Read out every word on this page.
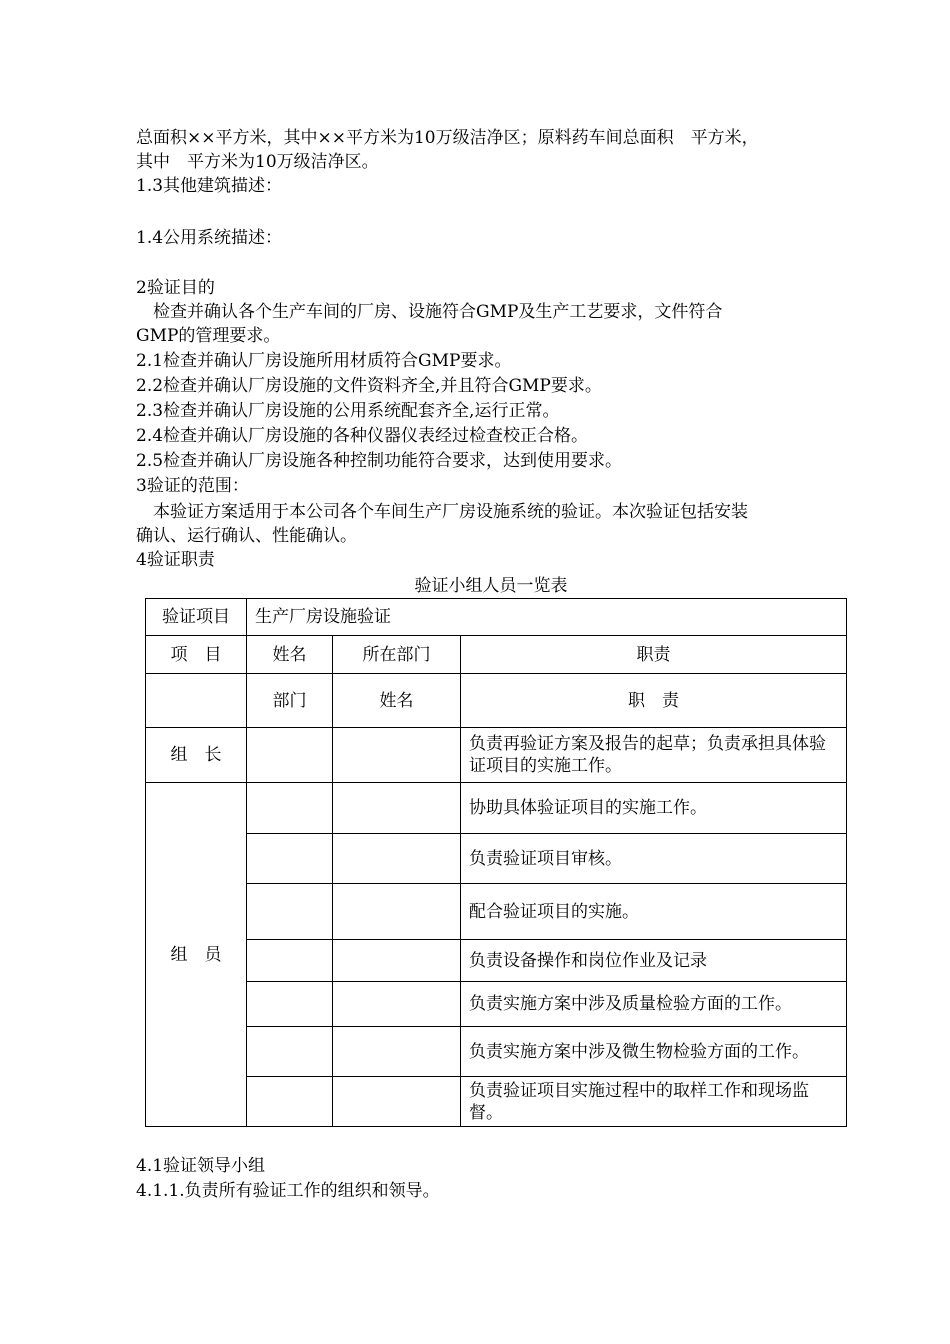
总面积××平方米，其中××平方米为10万级洁净区；原料药车间总面积　平方米，
其中　平方米为10万级洁净区。
1.3其他建筑描述：
1.4公用系统描述：
2验证目的
　检查并确认各个生产车间的厂房、设施符合GMP及生产工艺要求，文件符合
GMP的管理要求。
2.1检查并确认厂房设施所用材质符合GMP要求。
2.2检查并确认厂房设施的文件资料齐全,并且符合GMP要求。
2.3检查并确认厂房设施的公用系统配套齐全,运行正常。
2.4检查并确认厂房设施的各种仪器仪表经过检查校正合格。
2.5检查并确认厂房设施各种控制功能符合要求，达到使用要求。
3验证的范围：
　本验证方案适用于本公司各个车间生产厂房设施系统的验证。本次验证包括安装
确认、运行确认、性能确认。
4验证职责
验证小组人员一览表
验证项目	生产厂房设施验证		
项　目	姓名	所在部门	职责
	部门	姓名	职　责
组　长			负责再验证方案及报告的起草；负责承担具体验证项目的实施工作。
组　员			协助具体验证项目的实施工作。
			负责验证项目审核。
			配合验证项目的实施。
			负责设备操作和岗位作业及记录
			负责实施方案中涉及质量检验方面的工作。
			负责实施方案中涉及微生物检验方面的工作。
			负责验证项目实施过程中的取样工作和现场监督。
4.1验证领导小组
4.1.1.负责所有验证工作的组织和领导。
